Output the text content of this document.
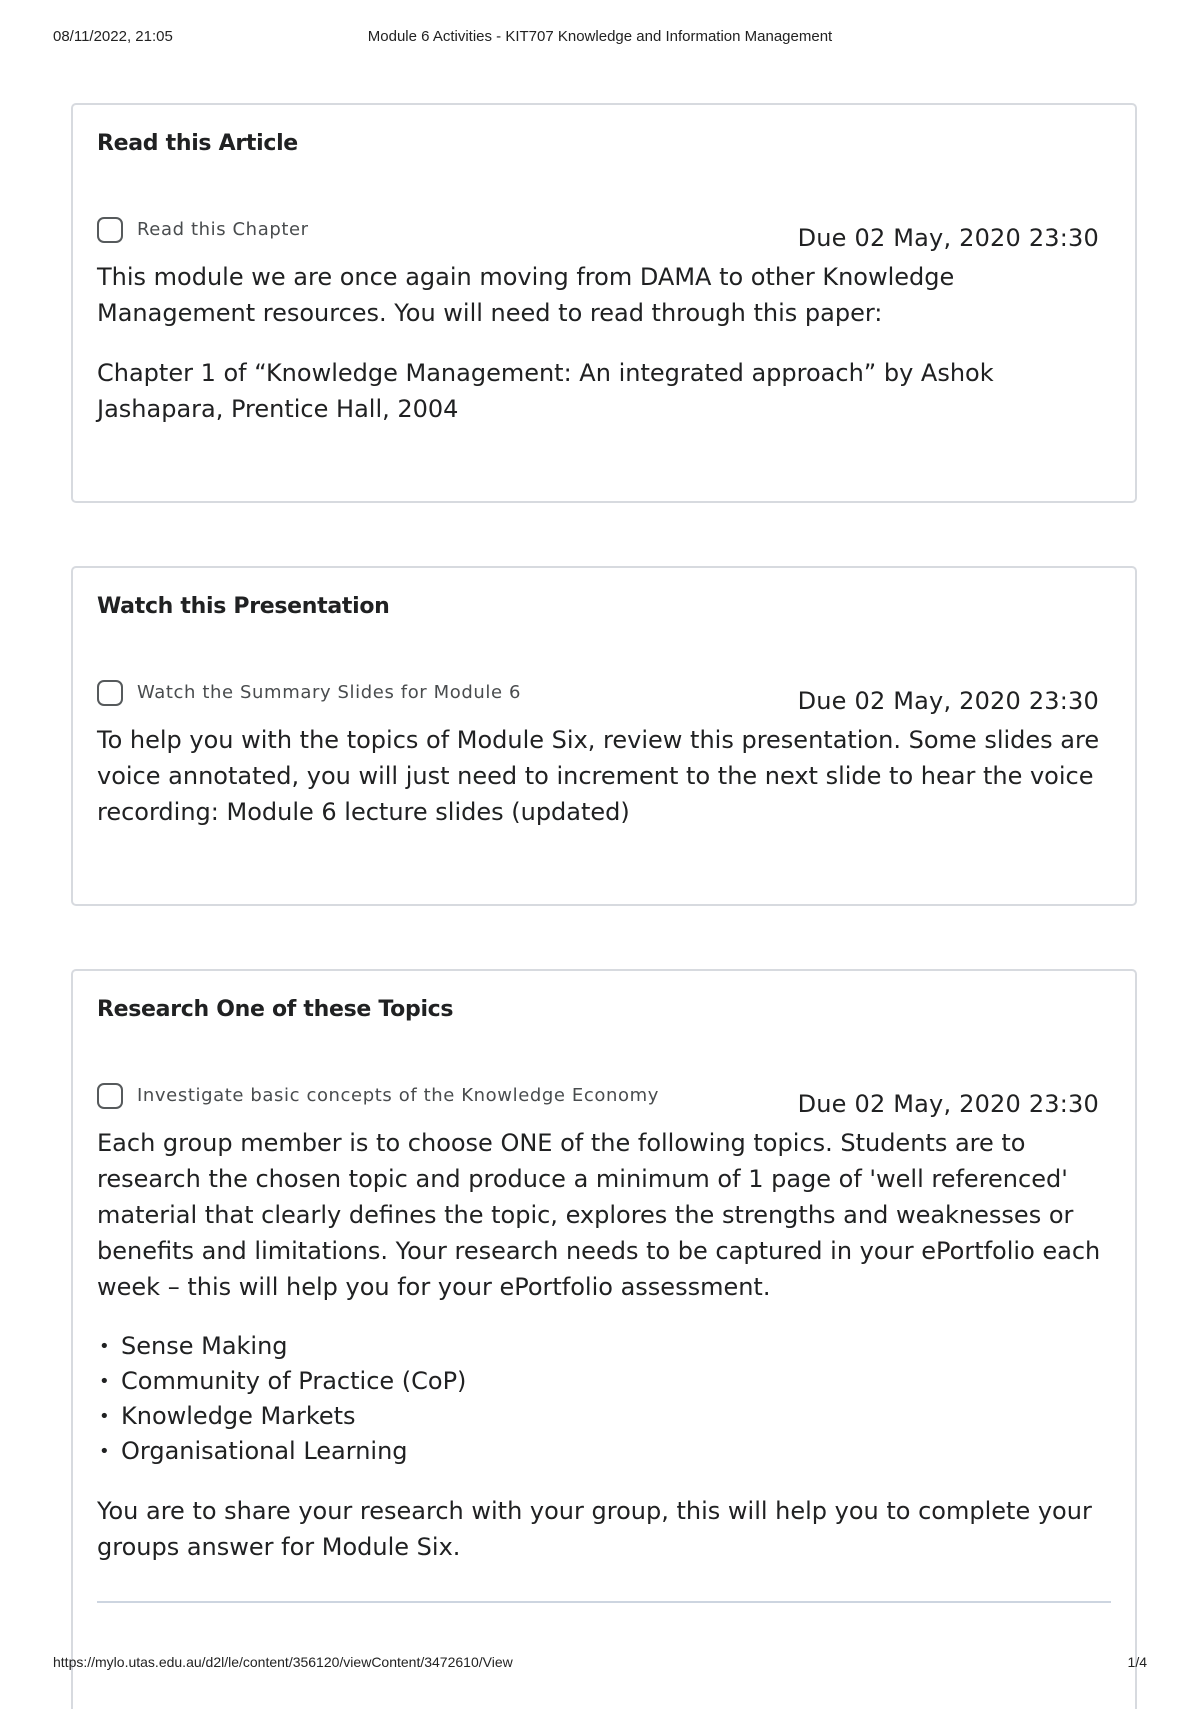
08/11/2022, 21:05	Module 6 Activities - KIT707 Knowledge and Information Management
Read this Article
Read this Chapter	Due 02 May, 2020 23:30

This module we are once again moving from DAMA to other Knowledge Management resources. You will need to read through this paper:

Chapter 1 of “Knowledge Management: An integrated approach” by Ashok Jashapara, Prentice Hall, 2004

Watch this Presentation
Watch the Summary Slides for Module 6	Due 02 May, 2020 23:30

To help you with the topics of Module Six, review this presentation. Some slides are voice annotated, you will just need to increment to the next slide to hear the voice recording: Module 6 lecture slides (updated)

Research One of these Topics
Investigate basic concepts of the Knowledge Economy	Due 02 May, 2020 23:30

Each group member is to choose ONE of the following topics. Students are to research the chosen topic and produce a minimum of 1 page of 'well referenced' material that clearly defines the topic, explores the strengths and weaknesses or benefits and limitations. Your research needs to be captured in your ePortfolio each week – this will help you for your ePortfolio assessment.

• Sense Making
• Community of Practice (CoP)
• Knowledge Markets
• Organisational Learning

You are to share your research with your group, this will help you to complete your groups answer for Module Six.

https://mylo.utas.edu.au/d2l/le/content/356120/viewContent/3472610/View	1/4
